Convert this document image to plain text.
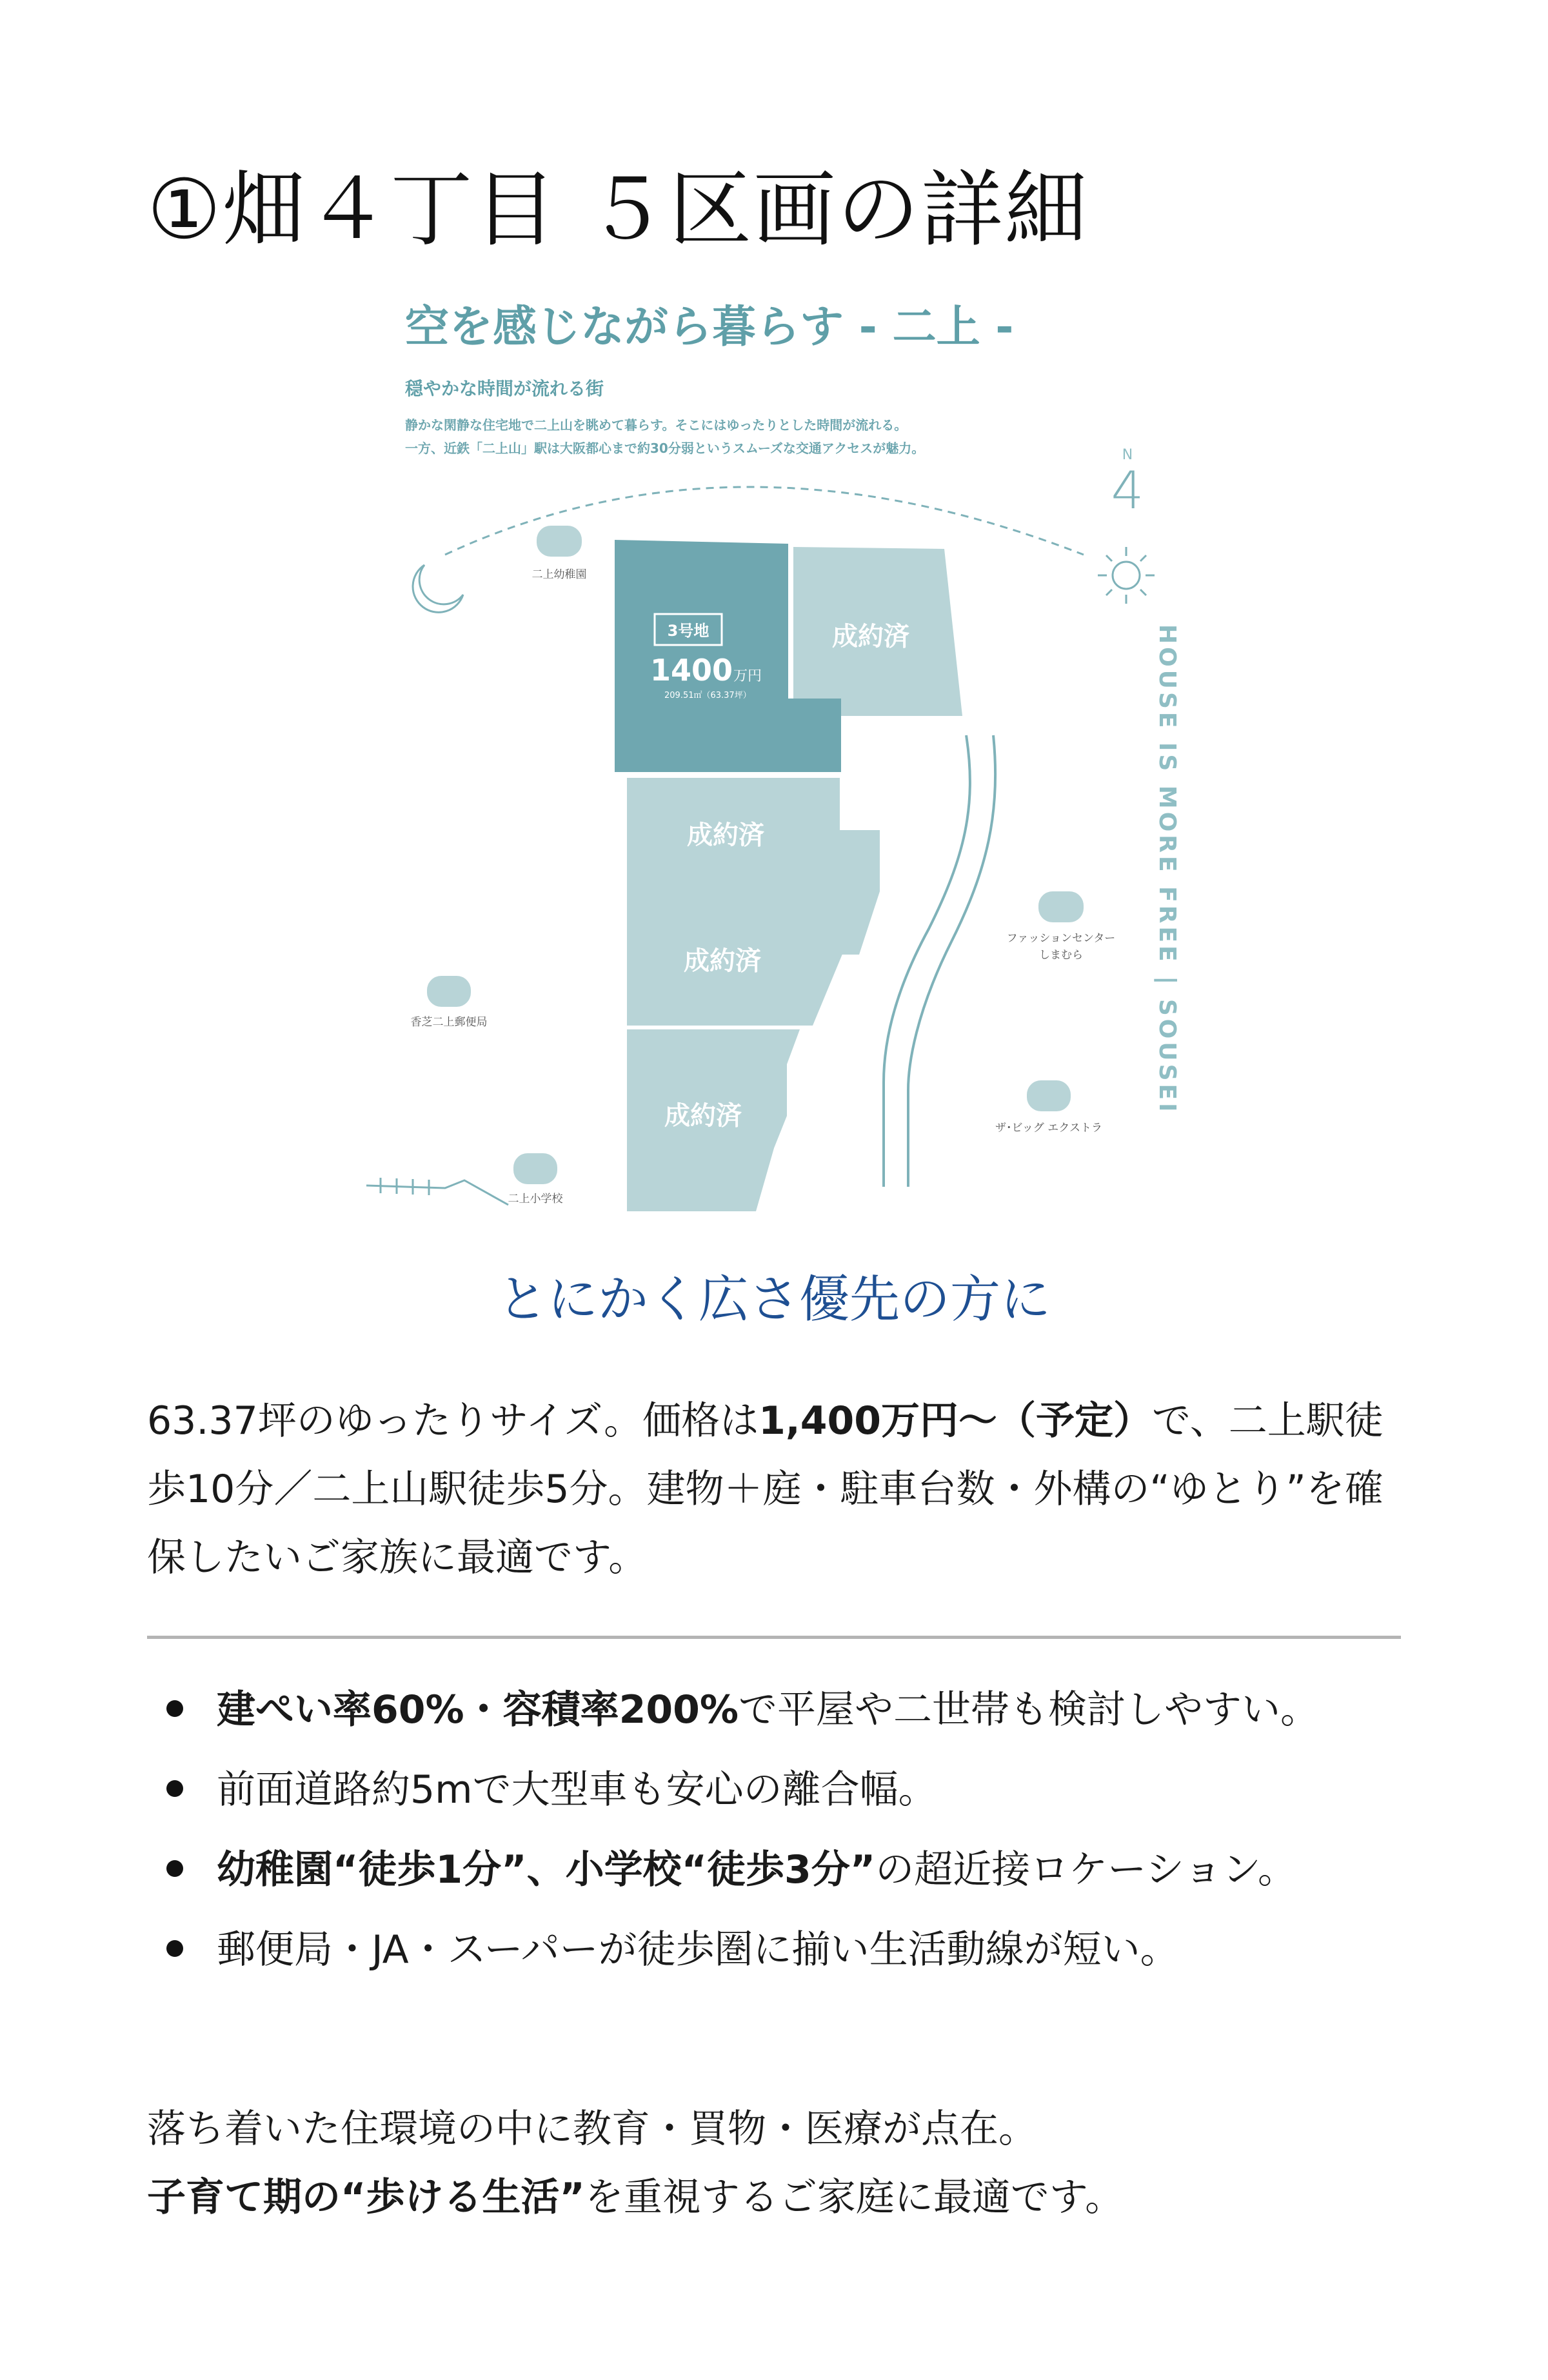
①畑４丁目 ５区画の詳細
空を感じながら暮らす - 二上 -
穏やかな時間が流れる街
静かな閑静な住宅地で二上山を眺めて暮らす。そこにはゆったりとした時間が流れる。
一方、近鉄「二上山」駅は大阪都心まで約30分弱というスムーズな交通アクセスが魅力。	N
4
二上幼稚園
香芝二上郵便局
二上小学校
ファッションセンター
しまむら
ザ･ビッグ エクストラ
成約済
3号地
1400 万円
209.51㎡（63.37坪）
成約済
成約済
成約済
HOUSE IS MORE FREE | SOUSEI
とにかく広さ優先の方に

63.37坪のゆったりサイズ。価格は1,400万円〜（予定）で、二上駅徒歩10分／二上山駅徒歩5分。建物＋庭・駐車台数・外構の“ゆとり”を確保したいご家族に最適です。

建ぺい率60%・容積率200%で平屋や二世帯も検討しやすい。
前面道路約5mで大型車も安心の離合幅。
幼稚園“徒歩1分”、小学校“徒歩3分”の超近接ロケーション。
郵便局・JA・スーパーが徒歩圏に揃い生活動線が短い。

落ち着いた住環境の中に教育・買物・医療が点在。
子育て期の“歩ける生活”を重視するご家庭に最適です。
